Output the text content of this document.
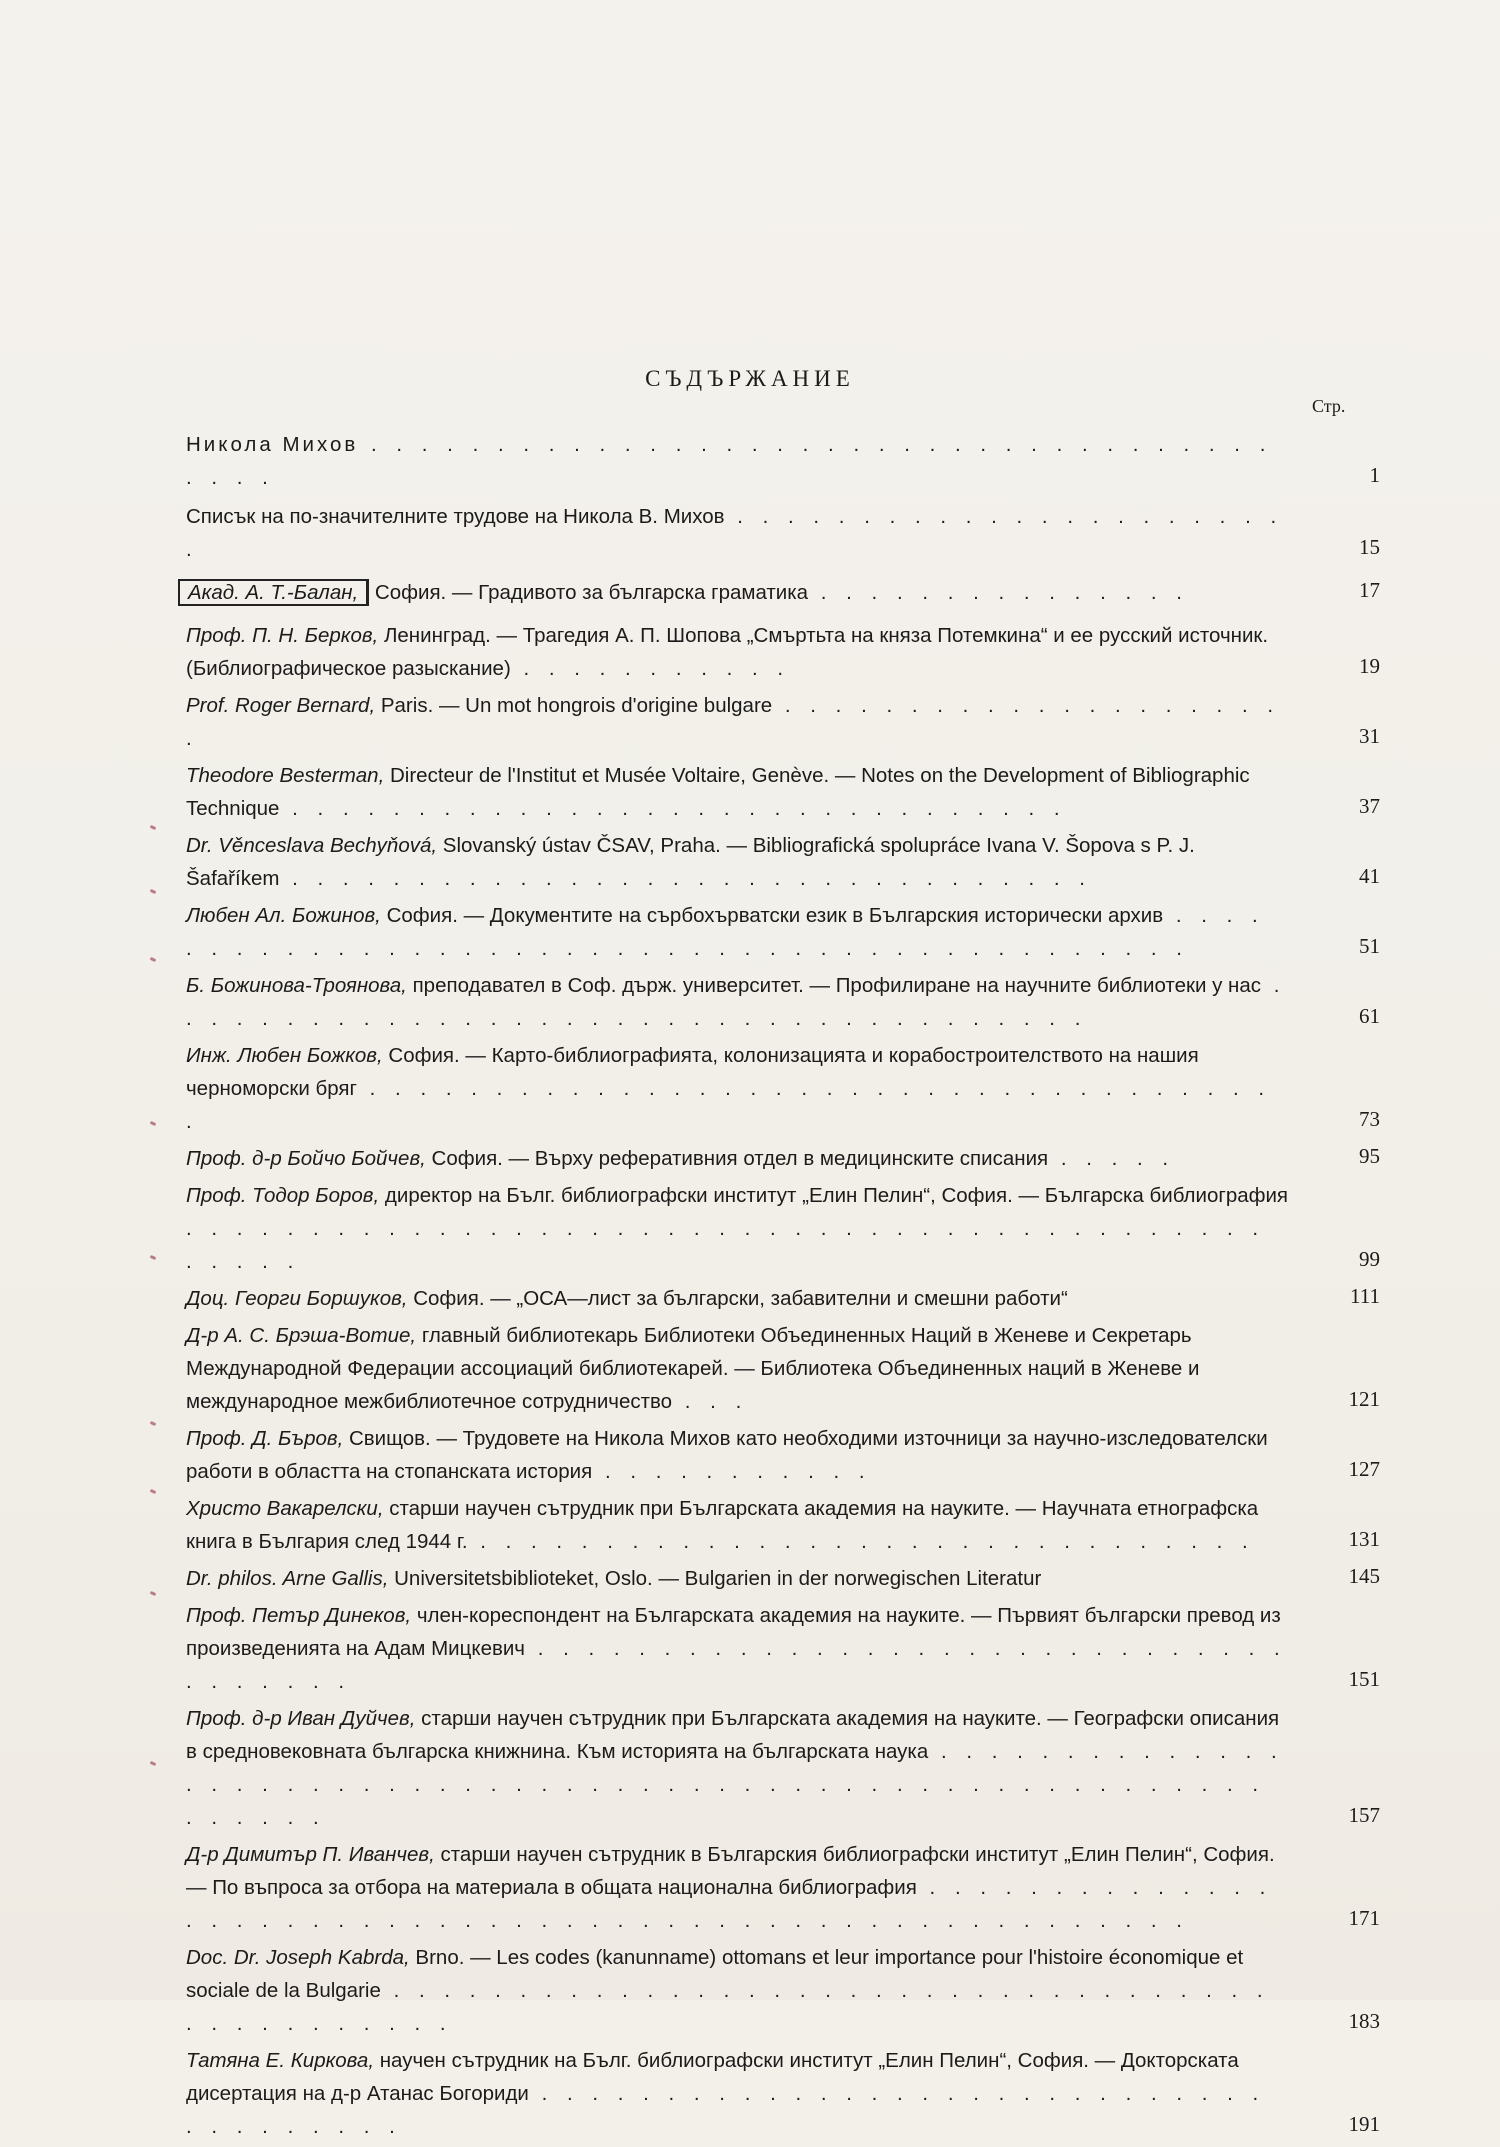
СЪДЪРЖАНИЕ
Стр.
Никола Михов . . . . . . . . . . . . . . . . . . . . . . . . . . . . . . . . . . . . . . . .	1
Списък на по-значителните трудове на Никола В. Михов . . . . . . . . . . . . . . . . . . . . . . .	15
Акад. А. Т.-Балан, София. — Градивото за българска граматика . . . . . . . . . . . . . . .	17
Проф. П. Н. Берков, Ленинград. — Трагедия А. П. Шопова „Смъртьта на княза Потемкина“ и ее русский источник. (Библиографическое разыскание) . . . . . . . . . . .	19
Prof. Roger Bernard, Paris. — Un mot hongrois d'origine bulgare . . . . . . . . . . . . . . . . . . . . .	31
Theodore Besterman, Directeur de l'Institut et Musée Voltaire, Genève. — Notes on the Development of Bibliographic Technique . . . . . . . . . . . . . . . . . . . . . . . . . . . . . . .	37
Dr. Věnceslava Bechyňová, Slovanský ústav ČSAV, Praha. — Bibliografická spolupráce Ivana V. Šopova s P. J. Šafaříkem . . . . . . . . . . . . . . . . . . . . . . . . . . . . . . . .	41
Любен Ал. Божинов, София. — Документите на сърбохърватски език в Българския исторически архив . . . . . . . . . . . . . . . . . . . . . . . . . . . . . . . . . . . . . . . . . . . .	51
Б. Божинова-Троянова, преподавател в Соф. държ. университет. — Профилиране на научните библиотеки у нас . . . . . . . . . . . . . . . . . . . . . . . . . . . . . . . . . . . . .	61
Инж. Любен Божков, София. — Карто-библиографията, колонизацията и корабостроителството на нашия черноморски бряг . . . . . . . . . . . . . . . . . . . . . . . . . . . . . . . . . . . . .	73
Проф. д-р Бойчо Бойчев, София. — Върху реферативния отдел в медицинските списания . . . . .	95
Проф. Тодор Боров, директор на Бълг. библиографски институт „Елин Пелин“, София. — Българска библиография . . . . . . . . . . . . . . . . . . . . . . . . . . . . . . . . . . . . . . . . . . . . . . . .	99
Доц. Георги Боршуков, София. — „ОСА—лист за български, забавителни и смешни работи“	111
Д-р А. С. Брэша-Вотие, главный библиотекарь Библиотеки Объединенных Наций в Женеве и Секретарь Международной Федерации ассоциаций библиотекарей. — Библиотека Объединенных наций в Женеве и международное межбиблиотечное сотрудничество . . .	121
Проф. Д. Бъров, Свищов. — Трудовете на Никола Михов като необходими източници за научно-изследователски работи в областта на стопанската история . . . . . . . . . . .	127
Христо Вакарелски, старши научен сътрудник при Българската академия на науките. — Научната етнографска книга в България след 1944 г. . . . . . . . . . . . . . . . . . . . . . . . . . . . . . . .	131
Dr. philos. Arne Gallis, Universitetsbiblioteket, Oslo. — Bulgarien in der norwegischen Literatur	145
Проф. Петър Динеков, член-кореспондент на Българската академия на науките. — Първият български превод из произведенията на Адам Мицкевич . . . . . . . . . . . . . . . . . . . . . . . . . . . . . . . . . . . . .	151
Проф. д-р Иван Дуйчев, старши научен сътрудник при Българската академия на науките. — Географски описания в средновековната българска книжнина. Към историята на българската наука . . . . . . . . . . . . . . . . . . . . . . . . . . . . . . . . . . . . . . . . . . . . . . . . . . . . . . . . . . . . . . .	157
Д-р Димитър П. Иванчев, старши научен сътрудник в Българския библиографски институт „Елин Пелин“, София. — По въпроса за отбора на материала в общата национална библиография . . . . . . . . . . . . . . . . . . . . . . . . . . . . . . . . . . . . . . . . . . . . . . . . . . . . . .	171
Doc. Dr. Joseph Kabrda, Brno. — Les codes (kanunname) ottomans et leur importance pour l'histoire économique et sociale de la Bulgarie . . . . . . . . . . . . . . . . . . . . . . . . . . . . . . . . . . . . . . . . . . . . . .	183
Татяна Е. Киркова, научен сътрудник на Бълг. библиографски институт „Елин Пелин“, София. — Докторската дисертация на д-р Атанас Богориди . . . . . . . . . . . . . . . . . . . . . . . . . . . . . . . . . . . . . .	191
